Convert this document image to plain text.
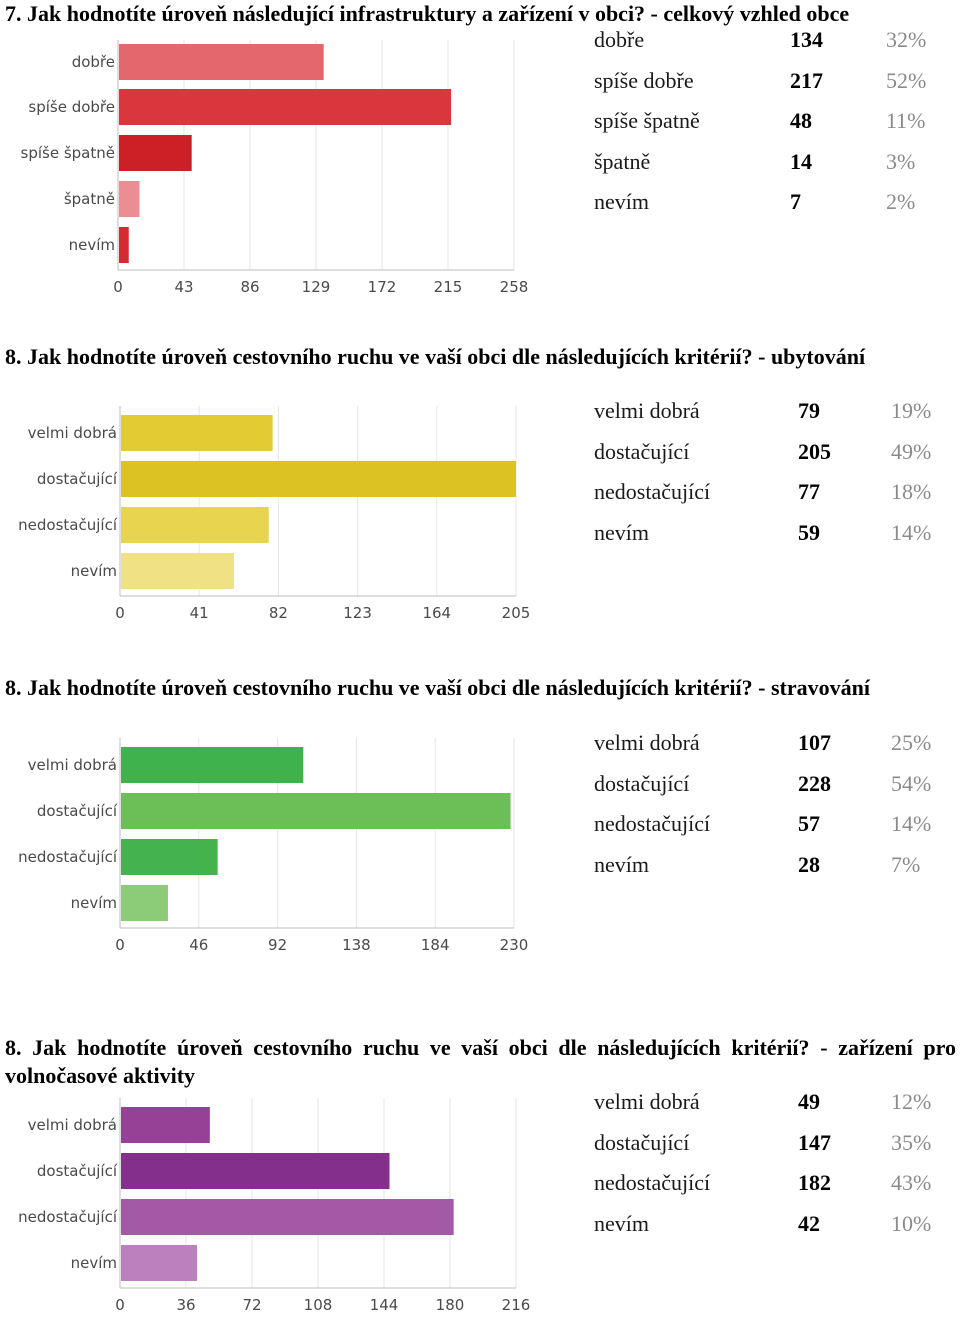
7. Jak hodnotíte úroveň následující infrastruktury a zařízení v obci? - celkový vzhled obce
dobře
spíše dobře
spíše špatně
špatně
nevím
0	43	86	129 172 215 258
dobře	134	32%
spíše dobře	217	52%
spíše špatně	48	11%
špatně	14	3%
nevím	7	2%
8. Jak hodnotíte úroveň cestovního ruchu ve vaší obci dle následujících kritérií? - ubytování
velmi dobrá
dostačující
nedostačující
nevím
0	41	82	123	164	205
velmi dobrá	79	19%
dostačující	205	49%
nedostačující	77	18%
nevím	59	14%
8. Jak hodnotíte úroveň cestovního ruchu ve vaší obci dle následujících kritérií? - stravování
velmi dobrá
dostačující
nedostačující
nevím
0	46	92	138	184	230
velmi dobrá	107	25%
dostačující	228	54%
nedostačující	57	14%
nevím	28	7%
8. Jak hodnotíte úroveň cestovního ruchu ve vaší obci dle následujících kritérií? - zařízení pro volnočasové aktivity
velmi dobrá
dostačující
nedostačující
nevím
0	36	72	108 144 180 216
velmi dobrá	49	12%
dostačující	147	35%
nedostačující	182	43%
nevím	42	10%
